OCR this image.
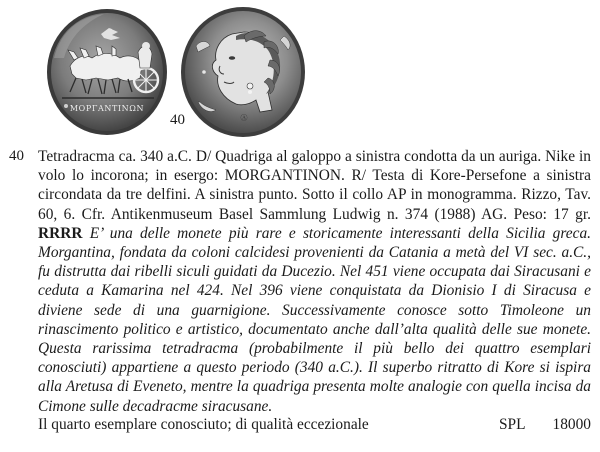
ΜΟΡΓΑΝΤΙΝΩΝ
Ⓐ
40
40 Tetradracma ca. 340 a.C. D/ Quadriga al galoppo a sinistra condotta da un auriga. Nike in volo lo incorona; in esergo: MORGANTINON. R/ Testa di Kore-Persefone a sinistra circondata da tre delfini. A sinistra punto. Sotto il collo AP in monogramma. Rizzo, Tav. 60, 6. Cfr. Antikenmuseum Basel Sammlung Ludwig n. 374 (1988) AG. Peso: 17 gr. RRRR E’ una delle monete più rare e storicamente interessanti della Sicilia greca. Morgantina, fondata da coloni calcidesi provenienti da Catania a metà del VI sec. a.C., fu distrutta dai ribelli siculi guidati da Ducezio. Nel 451 viene occupata dai Siracusani e ceduta a Kamarina nel 424. Nel 396 viene conquistata da Dionisio I di Siracusa e diviene sede di una guarnigione. Successivamente conosce sotto Timoleone un rinascimento politico e artistico, documentato anche dall’alta qualità delle sue monete. Questa rarissima tetradracma (probabilmente il più bello dei quattro esemplari conosciuti) appartiene a questo periodo (340 a.C.). Il superbo ritratto di Kore si ispira alla Aretusa di Eveneto, mentre la quadriga presenta molte analogie con quella incisa da Cimone sulle decadracme siracusane.
Il quarto esemplare conosciuto; di qualità eccezionale	SPL 18000
